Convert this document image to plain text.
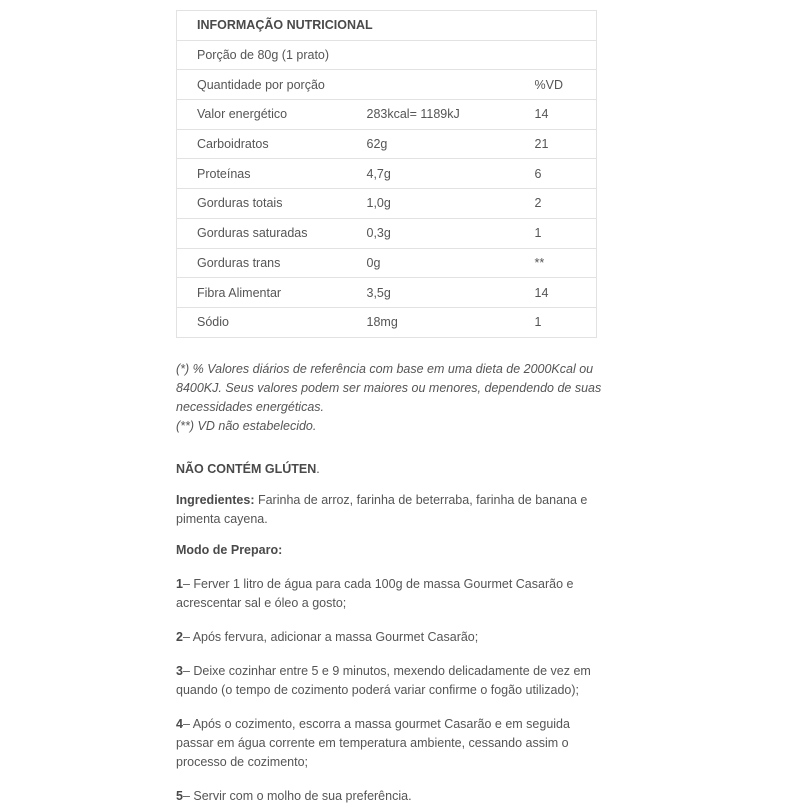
INFORMAÇÃO NUTRICIONAL		
Porção de 80g (1 prato)		
Quantidade por porção		%VD
Valor energético	283kcal= 1189kJ	14
Carboidratos	62g	21
Proteínas	4,7g	6
Gorduras totais	1,0g	2
Gorduras saturadas	0,3g	1
Gorduras trans	0g	**
Fibra Alimentar	3,5g	14
Sódio	18mg	1

(*) % Valores diários de referência com base em uma dieta de 2000Kcal ou 8400KJ. Seus valores podem ser maiores ou menores, dependendo de suas necessidades energéticas.
(**) VD não estabelecido.

NÃO CONTÉM GLÚTEN.

Ingredientes: Farinha de arroz, farinha de beterraba, farinha de banana e pimenta cayena.

Modo de Preparo:

1– Ferver 1 litro de água para cada 100g de massa Gourmet Casarão e acrescentar sal e óleo a gosto;

2– Após fervura, adicionar a massa Gourmet Casarão;

3– Deixe cozinhar entre 5 e 9 minutos, mexendo delicadamente de vez em quando (o tempo de cozimento poderá variar confirme o fogão utilizado);

4– Após o cozimento, escorra a massa gourmet Casarão e em seguida passar em água corrente em temperatura ambiente, cessando assim o processo de cozimento;

5– Servir com o molho de sua preferência.
